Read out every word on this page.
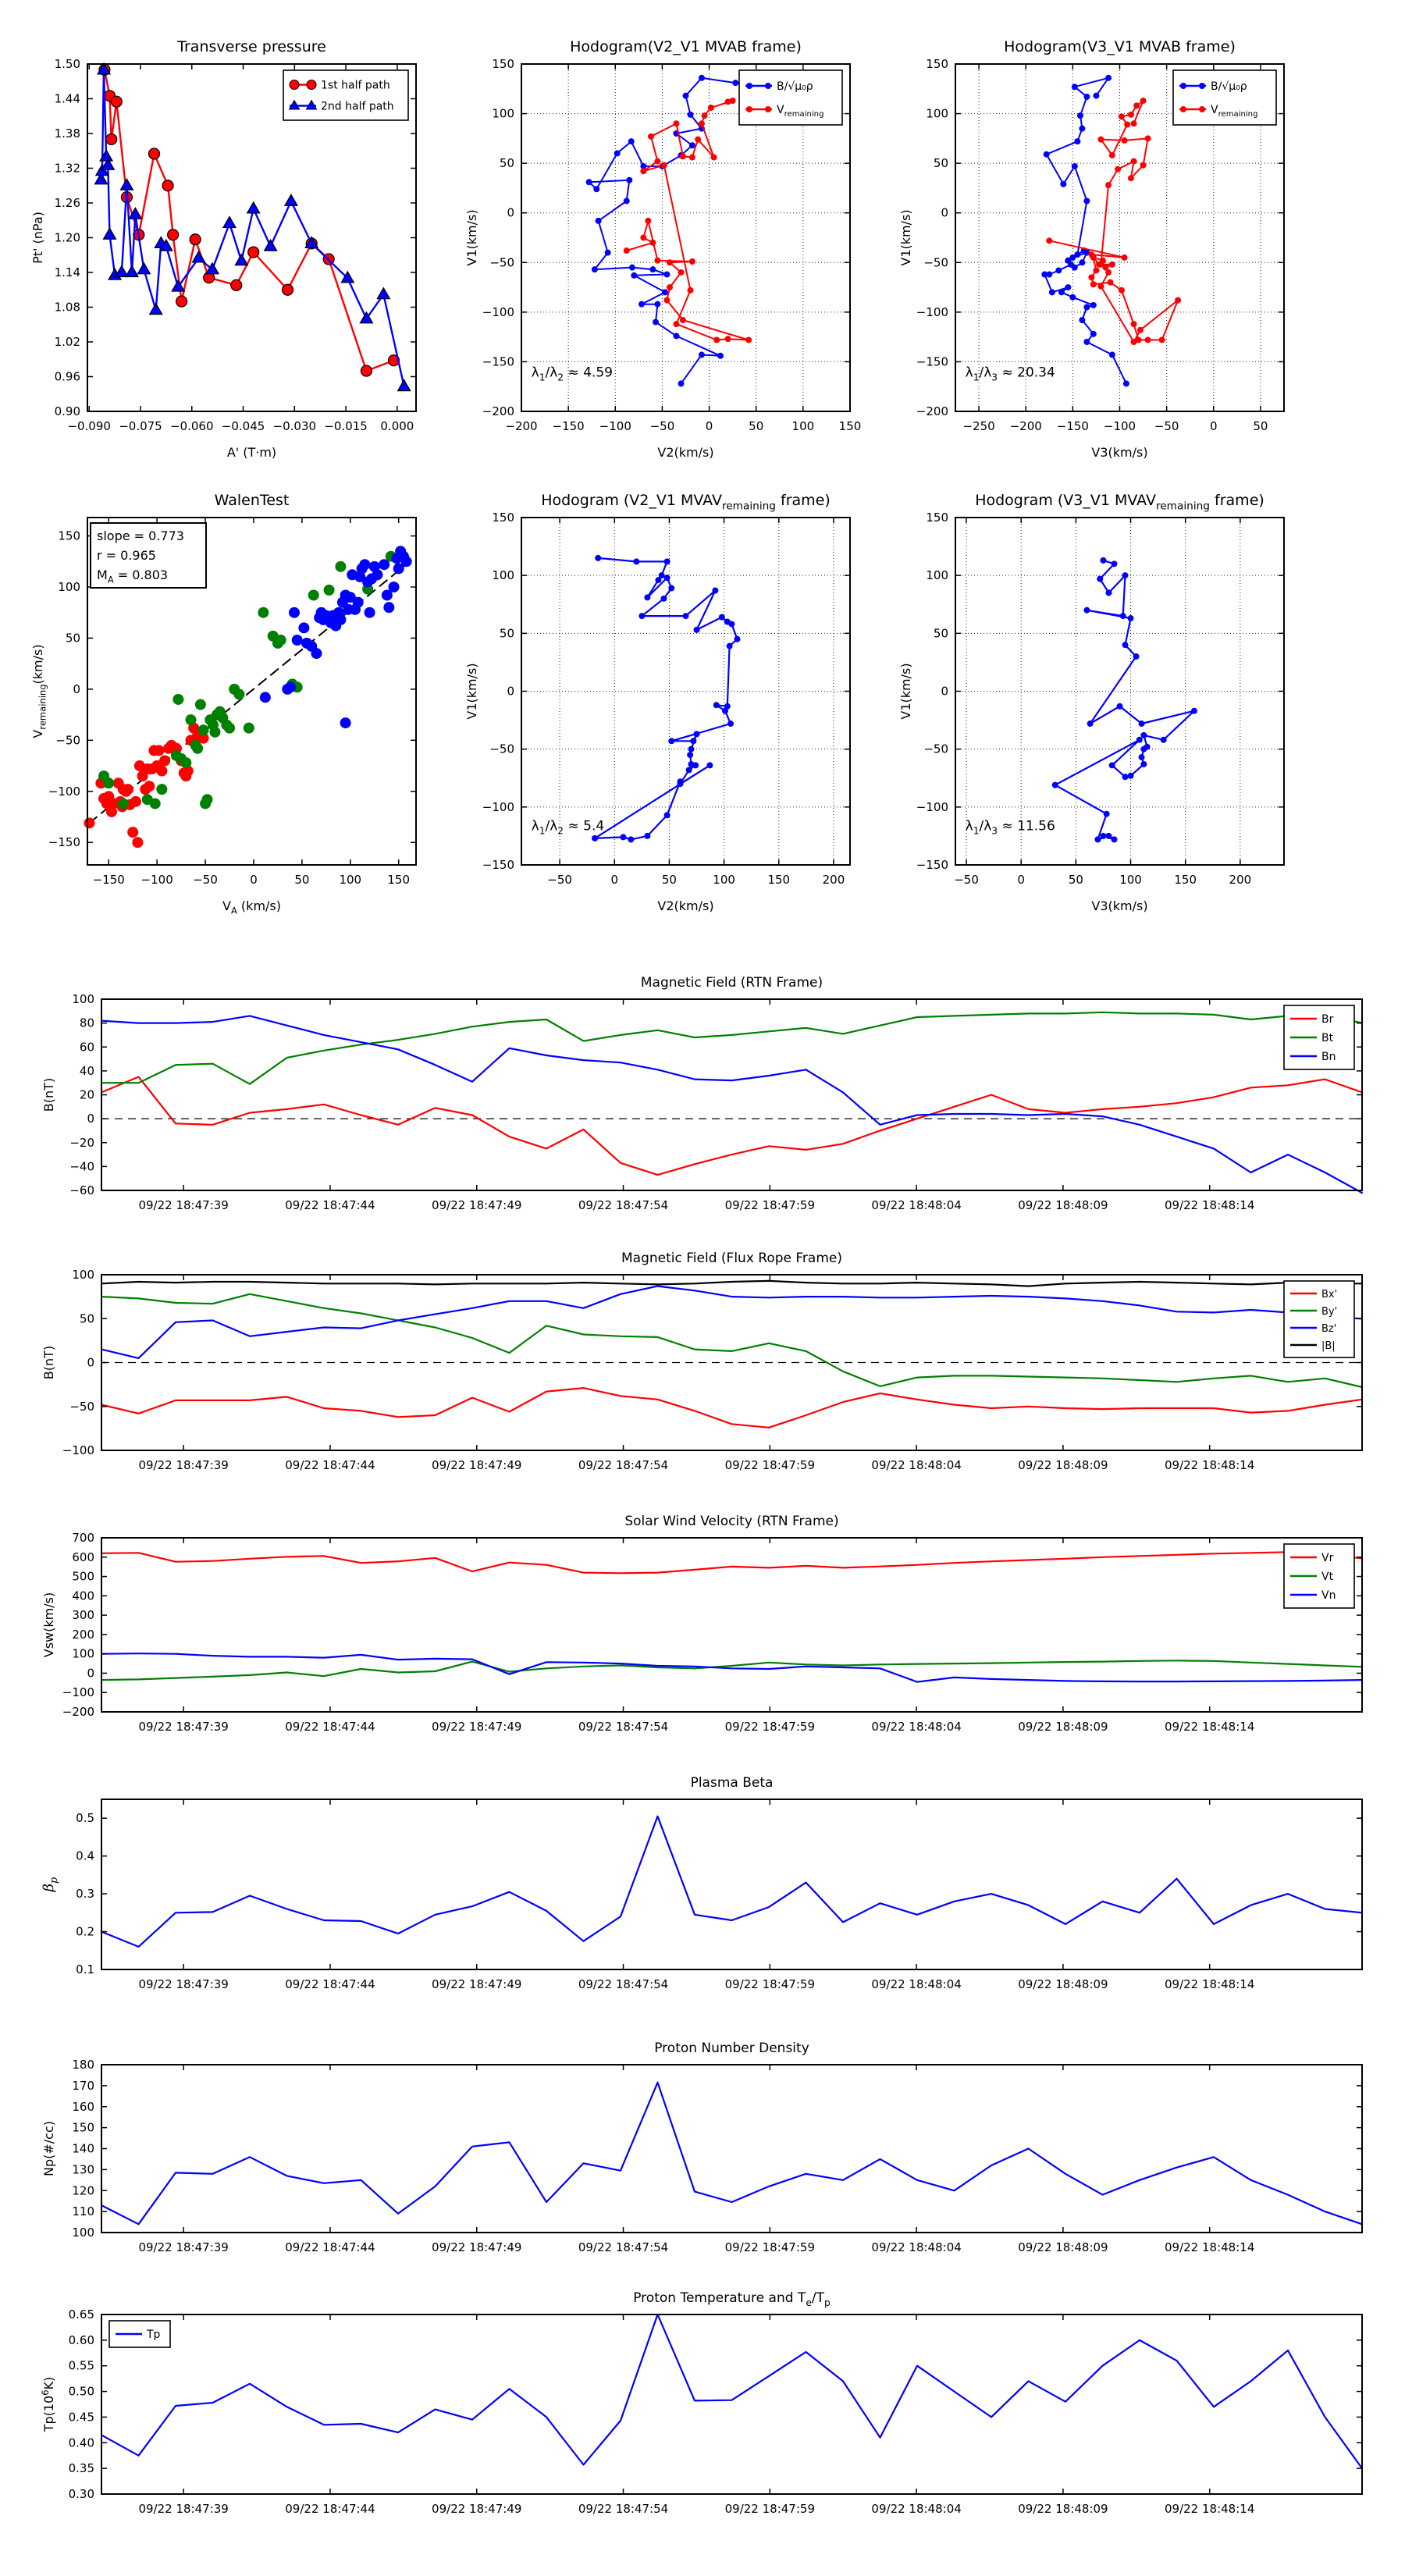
Transverse pressure
−0.090 −0.075 −0.060 −0.045 −0.030 −0.015 0.000
0.90
0.96
1.02
1.08
1.14
1.20
1.26
1.32
1.38
1.44
1.50
A' (T·m)
Pt' (nPa)
1st half path
2nd half path
Hodogram(V2_V1 MVAB frame)
−200 −150 −100 −50	0	50 100 150
−200
−150
−100
−50
0
50
100
150
V2(km/s)
V1(km/s)
B/√μ₀ρ
$V_{remaining}$
$\lambda_1/\lambda_2 \approx 4.59$
Hodogram(V3_V1 MVAB frame)
−250 −200 −150 −100 −50	0	50
−200
−150
−100
−50
0
50
100
150
V3(km/s)
V1(km/s)
B/√μ₀ρ
$V_{remaining}$
$\lambda_1/\lambda_3 \approx 20.34$
WalenTest
−150 −100 −50	0	50	100 150
−150
−100
−50
0
50
100
150
$V_A$ (km/s)
$V_{remaining}(km/s)$
slope = 0.773
r = 0.965
$M_A = 0.803$
Hodogram (V2_V1 $MVAV_{remaining}$ frame)
−50	0	50	100	150	200
−150
−100
−50
0
50
100
150
V2(km/s)
V1(km/s)
$\lambda_1/\lambda_2 \approx 5.4$
Hodogram (V3_V1 $MVAV_{remaining}$ frame)
−50	0	50	100	150	200
−150
−100
−50
0
50
100
150
V3(km/s)
V1(km/s)
$\lambda_1/\lambda_3 \approx 11.56$
Magnetic Field (RTN Frame)
09/22 18:47:39	09/22 18:47:44	09/22 18:47:49	09/22 18:47:54	09/22 18:47:59	09/22 18:48:04	09/22 18:48:09	09/22 18:48:14
−60
−40
−20
0
20
40
60
80
100
B(nT)
Br
Bt
Bn
Magnetic Field (Flux Rope Frame)
09/22 18:47:39	09/22 18:47:44	09/22 18:47:49	09/22 18:47:54	09/22 18:47:59	09/22 18:48:04	09/22 18:48:09	09/22 18:48:14
−100
−50
0
50
100
B(nT)
Bx'
By'
Bz'
|B|
Solar Wind Velocity (RTN Frame)
09/22 18:47:39	09/22 18:47:44	09/22 18:47:49	09/22 18:47:54	09/22 18:47:59	09/22 18:48:04	09/22 18:48:09	09/22 18:48:14
−200
−100
0
100
200
300
400
500
600
700
Vsw(km/s)
Vr
Vt
Vn
Plasma Beta
09/22 18:47:39	09/22 18:47:44	09/22 18:47:49	09/22 18:47:54	09/22 18:47:59	09/22 18:48:04	09/22 18:48:09	09/22 18:48:14
0.1
0.2
0.3
0.4
0.5
$\beta_p$
Proton Number Density
09/22 18:47:39	09/22 18:47:44	09/22 18:47:49	09/22 18:47:54	09/22 18:47:59	09/22 18:48:04	09/22 18:48:09	09/22 18:48:14
100
110
120
130
140
150
160
170
180
Np(#/cc)
Proton Temperature and $T_e/T_p$
09/22 18:47:39	09/22 18:47:44	09/22 18:47:49	09/22 18:47:54	09/22 18:47:59	09/22 18:48:04	09/22 18:48:09	09/22 18:48:14
0.30
0.35
0.40
0.45
0.50
0.55
0.60
0.65
$Tp(10^6K)$
Tp
